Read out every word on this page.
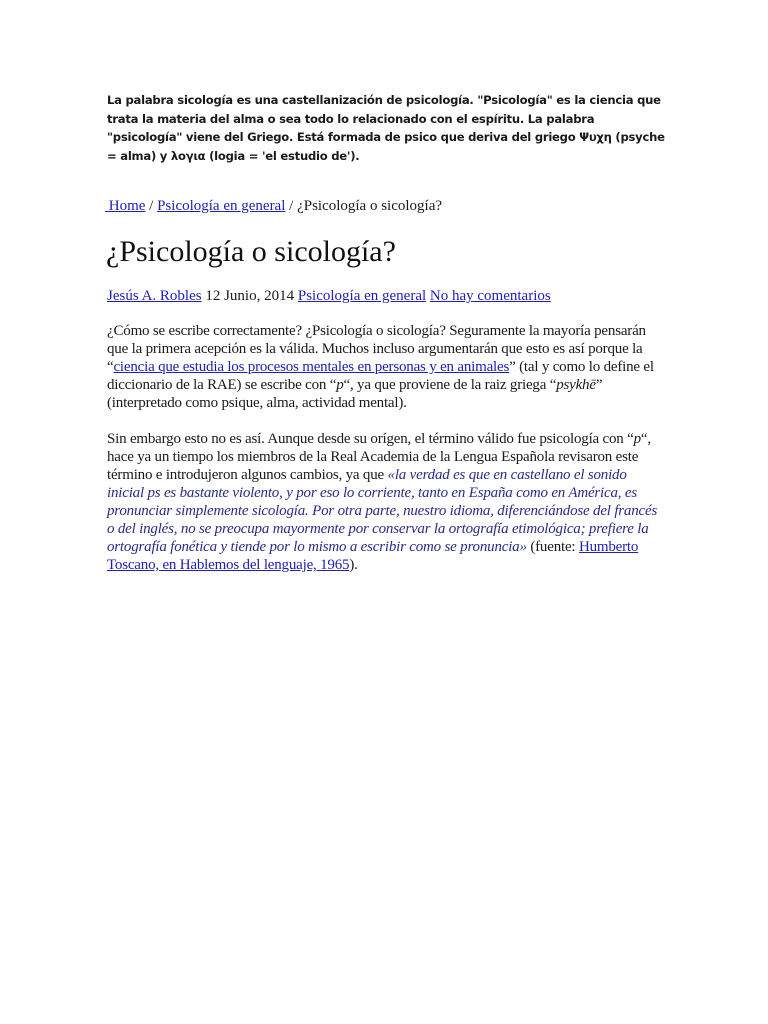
La palabra sicología es una castellanización de psicología. "Psicología" es la ciencia que trata la materia del alma o sea todo lo relacionado con el espíritu. La palabra "psicología" viene del Griego. Está formada de psico que deriva del griego Ψυχη (psyche = alma) y λογια (logia = 'el estudio de').

Home / Psicología en general / ¿Psicología o sicología?

¿Psicología o sicología?

Jesús A. Robles 12 Junio, 2014 Psicología en general No hay comentarios

¿Cómo se escribe correctamente? ¿Psicología o sicología? Seguramente la mayoría pensarán que la primera acepción es la válida. Muchos incluso argumentarán que esto es así porque la “ciencia que estudia los procesos mentales en personas y en animales” (tal y como lo define el diccionario de la RAE) se escribe con “p“, ya que proviene de la raiz griega “psykhē” (interpretado como psique, alma, actividad mental).

Sin embargo esto no es así. Aunque desde su orígen, el término válido fue psicología con “p“, hace ya un tiempo los miembros de la Real Academia de la Lengua Española revisaron este término e introdujeron algunos cambios, ya que «la verdad es que en castellano el sonido inicial ps es bastante violento, y por eso lo corriente, tanto en España como en América, es pronunciar simplemente sicología. Por otra parte, nuestro idioma, diferenciándose del francés o del inglés, no se preocupa mayormente por conservar la ortografía etimológica; prefiere la ortografía fonética y tiende por lo mismo a escribir como se pronuncia» (fuente: Humberto Toscano, en Hablemos del lenguaje, 1965).
